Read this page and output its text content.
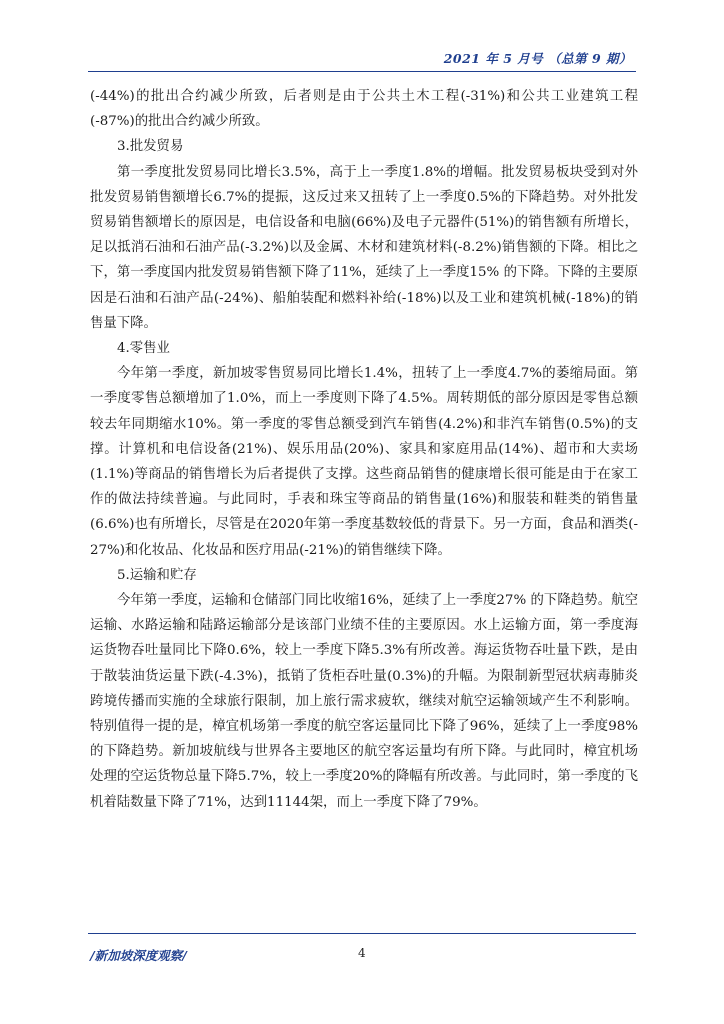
2021 年 5 月号 （总第 9 期）

(-44%)的批出合约减少所致，后者则是由于公共土木工程(-31%)和公共工业建筑工程(-87%)的批出合约减少所致。

3.批发贸易

第一季度批发贸易同比增长3.5%，高于上一季度1.8%的增幅。批发贸易板块受到对外批发贸易销售额增长6.7%的提振，这反过来又扭转了上一季度0.5%的下降趋势。对外批发贸易销售额增长的原因是，电信设备和电脑(66%)及电子元器件(51%)的销售额有所增长，足以抵消石油和石油产品(-3.2%)以及金属、木材和建筑材料(-8.2%)销售额的下降。相比之下，第一季度国内批发贸易销售额下降了11%，延续了上一季度15% 的下降。下降的主要原因是石油和石油产品(-24%)、船舶装配和燃料补给(-18%)以及工业和建筑机械(-18%)的销售量下降。

4.零售业

今年第一季度，新加坡零售贸易同比增长1.4%，扭转了上一季度4.7%的萎缩局面。第一季度零售总额增加了1.0%，而上一季度则下降了4.5%。周转期低的部分原因是零售总额较去年同期缩水10%。第一季度的零售总额受到汽车销售(4.2%)和非汽车销售(0.5%)的支撑。计算机和电信设备(21%)、娱乐用品(20%)、家具和家庭用品(14%)、超市和大卖场(1.1%)等商品的销售增长为后者提供了支撑。这些商品销售的健康增长很可能是由于在家工作的做法持续普遍。与此同时，手表和珠宝等商品的销售量(16%)和服装和鞋类的销售量(6.6%)也有所增长，尽管是在2020年第一季度基数较低的背景下。另一方面，食品和酒类(- 27%)和化妆品、化妆品和医疗用品(-21%)的销售继续下降。

5.运输和贮存

今年第一季度，运输和仓储部门同比收缩16%，延续了上一季度27% 的下降趋势。航空运输、水路运输和陆路运输部分是该部门业绩不佳的主要原因。水上运输方面，第一季度海运货物吞吐量同比下降0.6%，较上一季度下降5.3%有所改善。海运货物吞吐量下跌，是由于散装油货运量下跌(-4.3%)，抵销了货柜吞吐量(0.3%)的升幅。为限制新型冠状病毒肺炎跨境传播而实施的全球旅行限制，加上旅行需求疲软，继续对航空运输领域产生不利影响。特别值得一提的是，樟宜机场第一季度的航空客运量同比下降了96%，延续了上一季度98%的下降趋势。新加坡航线与世界各主要地区的航空客运量均有所下降。与此同时，樟宜机场处理的空运货物总量下降5.7%，较上一季度20%的降幅有所改善。与此同时，第一季度的飞机着陆数量下降了71%，达到11144架，而上一季度下降了79%。

/新加坡深度观察/	4
